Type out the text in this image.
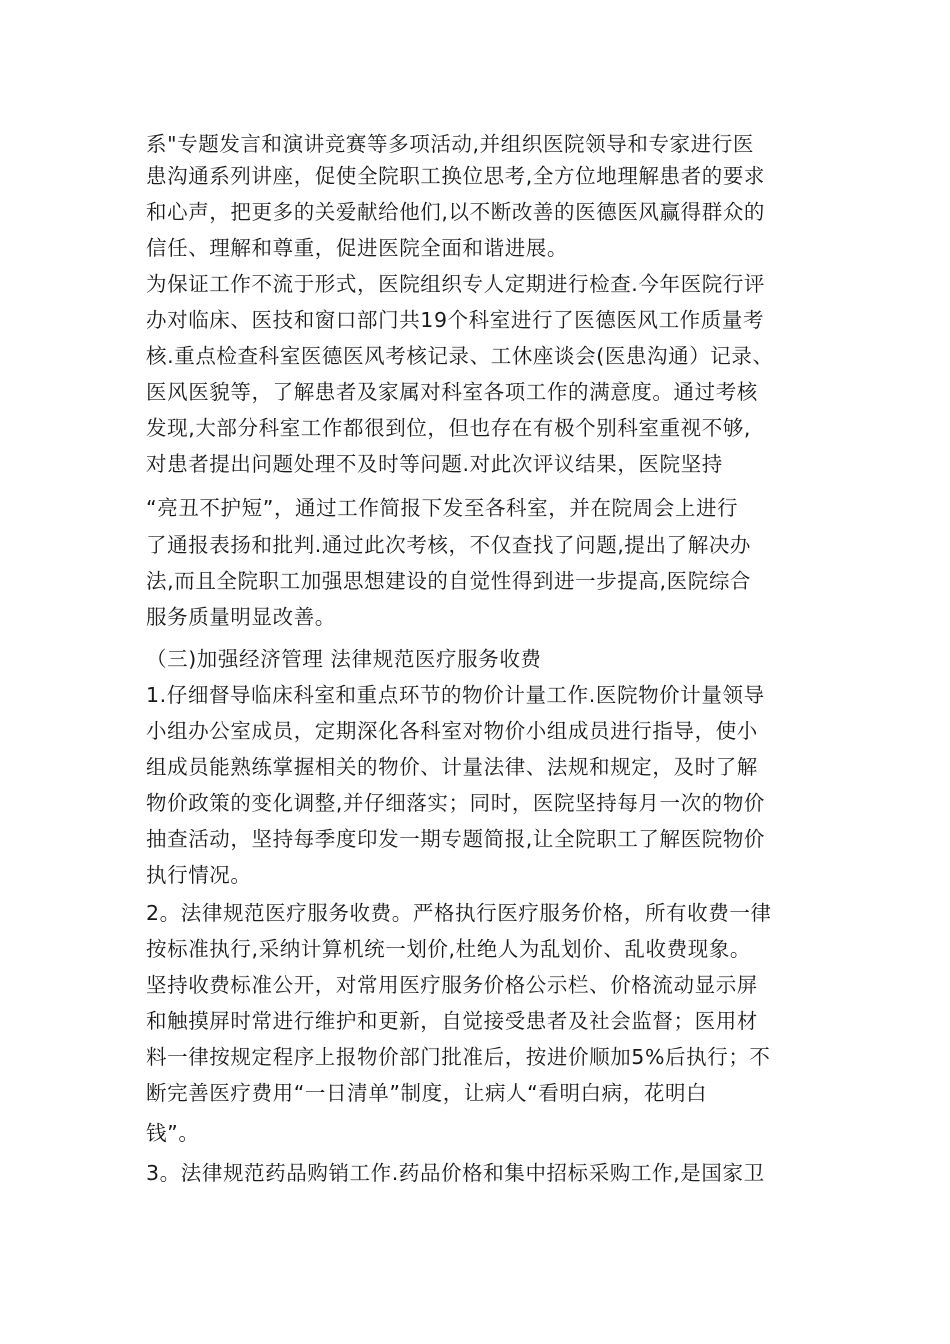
系"专题发言和演讲竞赛等多项活动,并组织医院领导和专家进行医
患沟通系列讲座，促使全院职工换位思考,全方位地理解患者的要求
和心声，把更多的关爱献给他们,以不断改善的医德医风赢得群众的
信任、理解和尊重，促进医院全面和谐进展。
为保证工作不流于形式，医院组织专人定期进行检查.今年医院行评
办对临床、医技和窗口部门共19个科室进行了医德医风工作质量考
核.重点检查科室医德医风考核记录、工休座谈会(医患沟通）记录、
医风医貌等，了解患者及家属对科室各项工作的满意度。通过考核
发现,大部分科室工作都很到位，但也存在有极个别科室重视不够,
对患者提出问题处理不及时等问题.对此次评议结果，医院坚持
“亮丑不护短”，通过工作简报下发至各科室，并在院周会上进行
了通报表扬和批判.通过此次考核，不仅查找了问题,提出了解决办
法,而且全院职工加强思想建设的自觉性得到进一步提高,医院综合
服务质量明显改善。
（三)加强经济管理 法律规范医疗服务收费
1.仔细督导临床科室和重点环节的物价计量工作.医院物价计量领导
小组办公室成员，定期深化各科室对物价小组成员进行指导，使小
组成员能熟练掌握相关的物价、计量法律、法规和规定，及时了解
物价政策的变化调整,并仔细落实；同时，医院坚持每月一次的物价
抽查活动，坚持每季度印发一期专题简报,让全院职工了解医院物价
执行情况。
2。法律规范医疗服务收费。严格执行医疗服务价格，所有收费一律
按标准执行,采纳计算机统一划价,杜绝人为乱划价、乱收费现象。
坚持收费标准公开，对常用医疗服务价格公示栏、价格流动显示屏
和触摸屏时常进行维护和更新，自觉接受患者及社会监督；医用材
料一律按规定程序上报物价部门批准后，按进价顺加5%后执行；不
断完善医疗费用“一日清单”制度，让病人“看明白病，花明白
钱”。
3。法律规范药品购销工作.药品价格和集中招标采购工作,是国家卫
